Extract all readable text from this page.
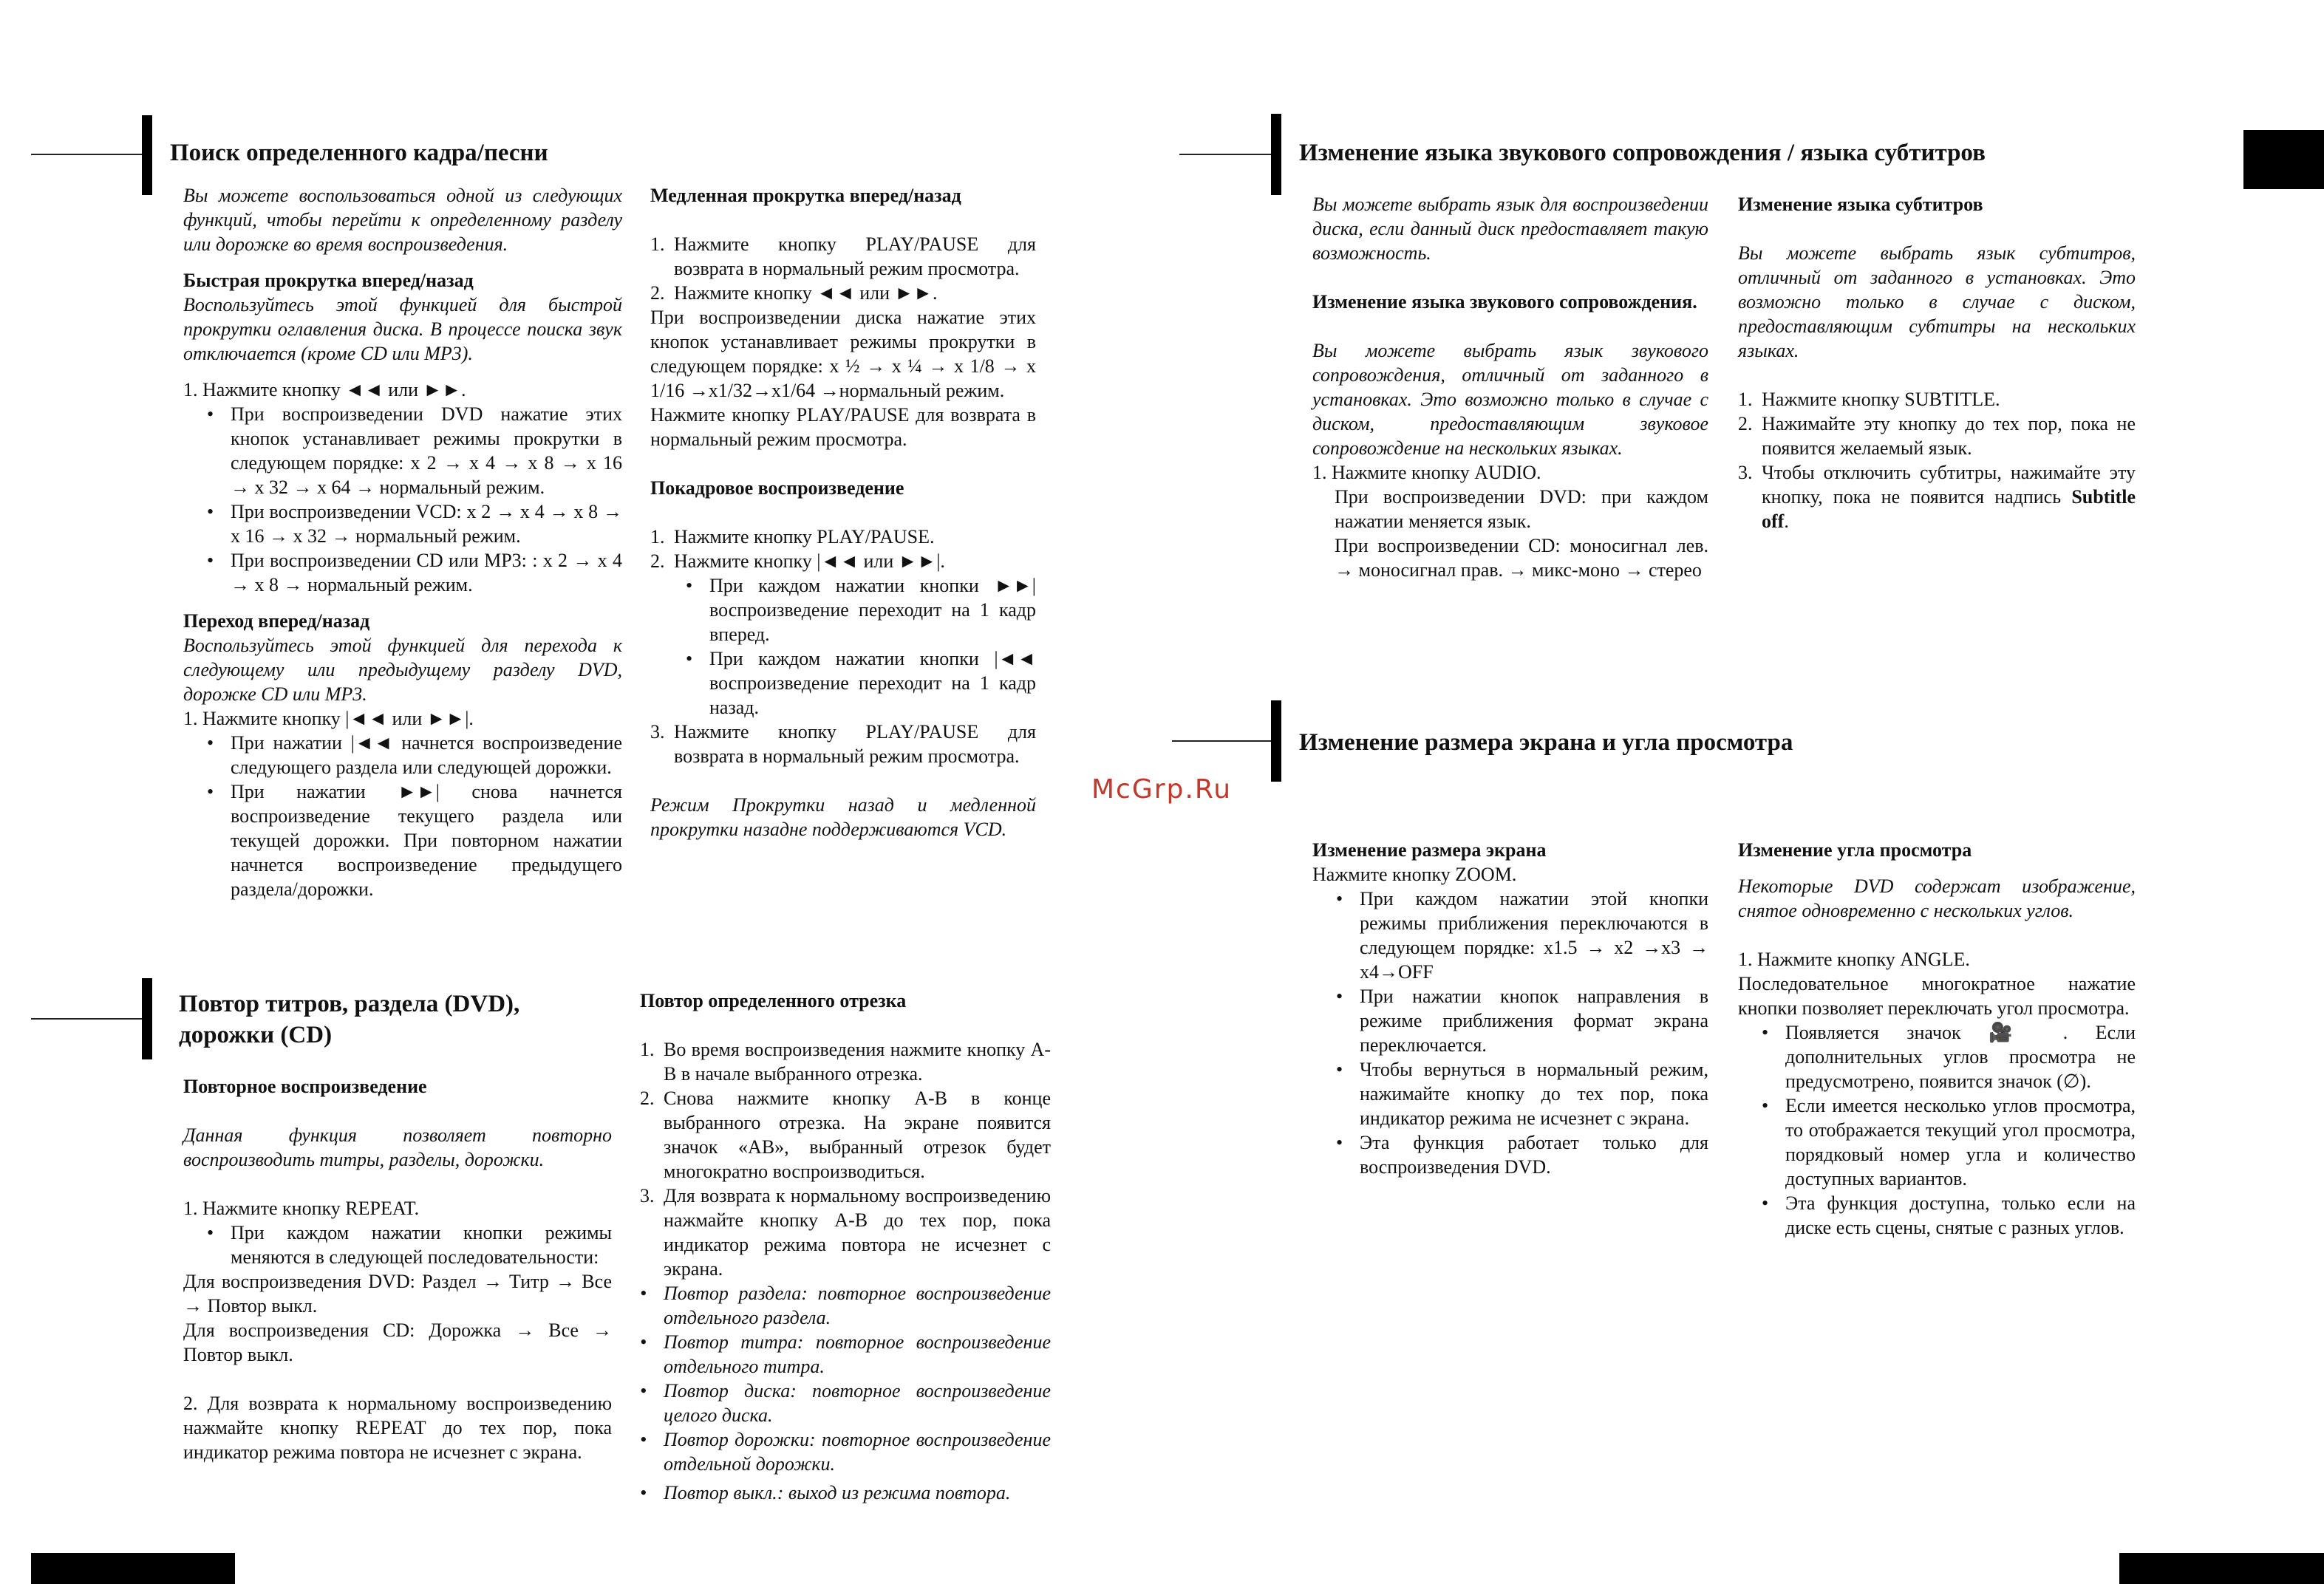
Поиск определенного кадра/песни
Повтор титров, раздела (DVD),
дорожки (CD)
Изменение языка звукового сопровождения / языка субтитров
Изменение размера экрана и угла просмотра
McGrp.Ru

Вы можете воспользоваться одной из следующих функций, чтобы перейти к определенному разделу или дорожке во время воспроизведения.

Быстрая прокрутка вперед/назад

Воспользуйтесь этой функцией для быстрой прокрутки оглавления диска. В процессе поиска звук отключается (кроме CD или MP3).

1. Нажмите кнопку ◄◄ или ►►.

• При воспроизведении DVD нажатие этих кнопок устанавливает режимы прокрутки в следующем порядке: x 2 → x 4 → x 8 → x 16 → x 32 → x 64 → нормальный режим.
• При воспроизведении VCD: x 2 → x 4 → x 8 → x 16 → x 32 → нормальный режим.
• При воспроизведении CD или MP3: : x 2 → x 4 → x 8 → нормальный режим.

Переход вперед/назад

Воспользуйтесь этой функцией для перехода к следующему или предыдущему разделу DVD, дорожке CD или MP3.

1. Нажмите кнопку |◄◄ или ►►|.

• При нажатии |◄◄ начнется воспроизведение следующего раздела или следующей дорожки.
• При нажатии ►►| снова начнется воспроизведение текущего раздела или текущей дорожки. При повторном нажатии начнется воспроизведение предыдущего раздела/дорожки.

Медленная прокрутка вперед/назад

1. Нажмите кнопку PLAY/PAUSE для возврата в нормальный режим просмотра.
2. Нажмите кнопку ◄◄ или ►►.

При воспроизведении диска нажатие этих кнопок устанавливает режимы прокрутки в следующем порядке: x ½ → x ¼ → x 1/8 → x 1/16 →x1/32→x1/64 →нормальный режим.

Нажмите кнопку PLAY/PAUSE для возврата в нормальный режим просмотра.

Покадровое воспроизведение

1. Нажмите кнопку PLAY/PAUSE.
2. Нажмите кнопку |◄◄ или ►►|.
• При каждом нажатии кнопки ►►| воспроизведение переходит на 1 кадр вперед.
• При каждом нажатии кнопки |◄◄ воспроизведение переходит на 1 кадр назад.
3. Нажмите кнопку PLAY/PAUSE для возврата в нормальный режим просмотра.

Режим Прокрутки назад и медленной прокрутки назадне поддерживаются VCD.

Повторное воспроизведение

Данная функция позволяет повторно воспроизводить титры, разделы, дорожки.

1. Нажмите кнопку REPEAT.

• При каждом нажатии кнопки режимы меняются в следующей последовательности:

Для воспроизведения DVD: Раздел → Титр → Все → Повтор выкл.

Для воспроизведения CD: Дорожка → Все → Повтор выкл.

2. Для возврата к нормальному воспроизведению нажмайте кнопку REPEAT до тех пор, пока индикатор режима повтора не исчезнет с экрана.

Повтор определенного отрезка

1. Во время воспроизведения нажмите кнопку A-B в начале выбранного отрезка.
2. Снова нажмите кнопку A-B в конце выбранного отрезка. На экране появится значок «AB», выбранный отрезок будет многократно воспроизводиться.
3. Для возврата к нормальному воспроизведению нажмайте кнопку A-B до тех пор, пока индикатор режима повтора не исчезнет с экрана.
• Повтор раздела: повторное воспроизведение отдельного раздела.
• Повтор титра: повторное воспроизведение отдельного титра.
• Повтор диска: повторное воспроизведение целого диска.
• Повтор дорожки: повторное воспроизведение отдельной дорожки.
• Повтор выкл.: выход из режима повтора.

Вы можете выбрать язык для воспроизведении диска, если данный диск предоставляет такую возможность.

Изменение языка звукового сопровождения.

Вы можете выбрать язык звукового сопровождения, отличный от заданного в установках. Это возможно только в случае с диском, предоставляющим звуковое сопровождение на нескольких языках.

1. Нажмите кнопку AUDIO.

При воспроизведении DVD: при каждом нажатии меняется язык.

При воспроизведении CD: моносигнал лев. → моносигнал прав. → микс-моно → стерео

Изменение языка субтитров

Вы можете выбрать язык субтитров, отличный от заданного в установках. Это возможно только в случае с диском, предоставляющим субтитры на нескольких языках.

1. Нажмите кнопку SUBTITLE.
2. Нажимайте эту кнопку до тех пор, пока не появится желаемый язык.
3. Чтобы отключить субтитры, нажимайте эту кнопку, пока не появится надпись Subtitle off.

Изменение размера экрана

Нажмите кнопку ZOOM.

• При каждом нажатии этой кнопки режимы приближения переключаются в следующем порядке: x1.5 → x2 →x3 → x4→OFF
• При нажатии кнопок направления в режиме приближения формат экрана переключается.
• Чтобы вернуться в нормальный режим, нажимайте кнопку до тех пор, пока индикатор режима не исчезнет с экрана.
• Эта функция работает только для воспроизведения DVD.

Изменение угла просмотра

Некоторые DVD содержат изображение, снятое одновременно с нескольких углов.

1. Нажмите кнопку ANGLE.

Последовательное многократное нажатие кнопки позволяет переключать угол просмотра.

• Появляется значок 🎥 . Если дополнительных углов просмотра не предусмотрено, появится значок (∅).
• Если имеется несколько углов просмотра, то отображается текущий угол просмотра, порядковый номер угла и количество доступных вариантов.
• Эта функция доступна, только если на диске есть сцены, снятые с разных углов.
